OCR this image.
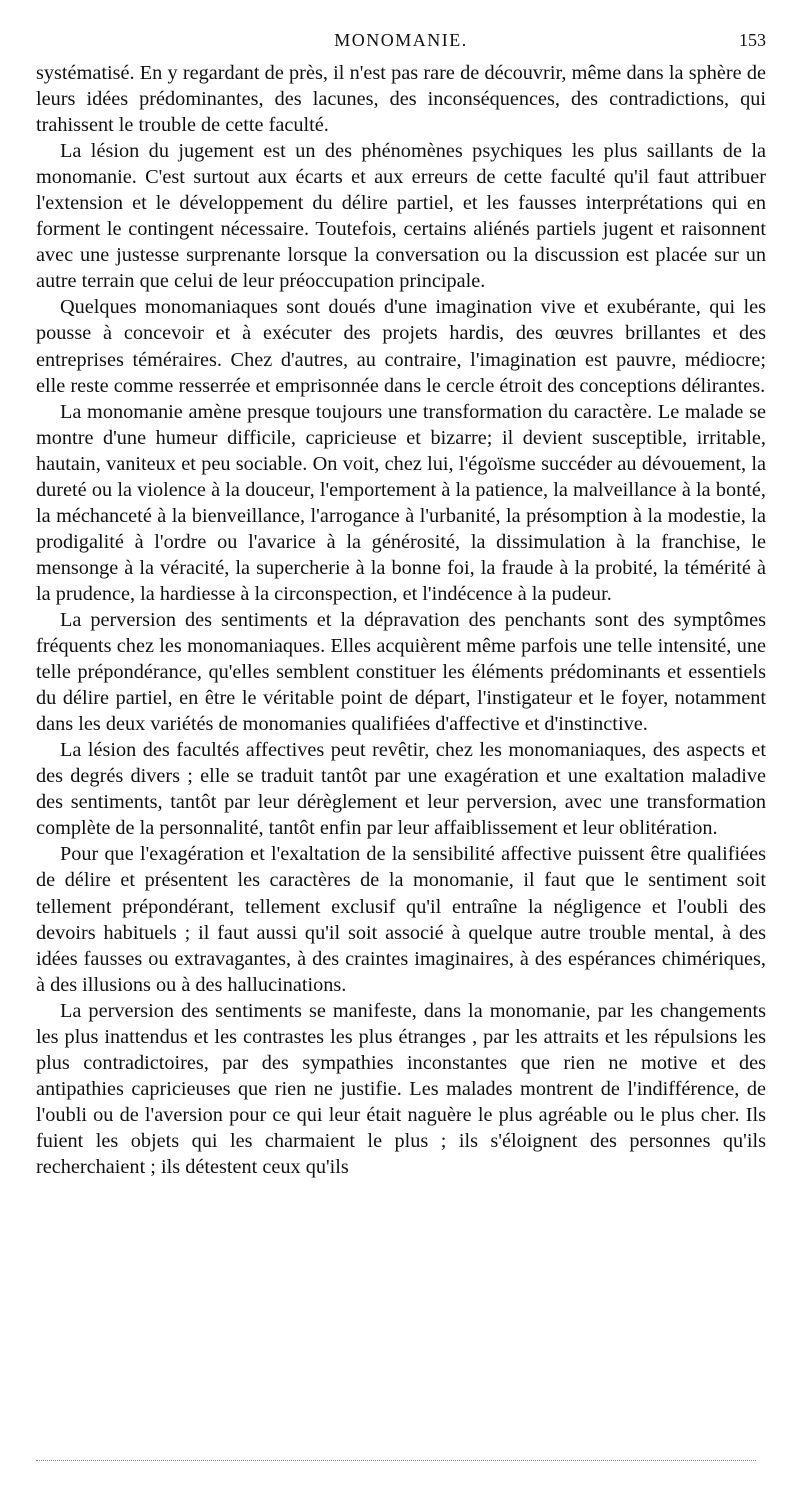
MONOMANIE.	153

systématisé. En y regardant de près, il n'est pas rare de découvrir, même dans la sphère de leurs idées prédominantes, des lacunes, des inconséquences, des contradictions, qui trahissent le trouble de cette faculté.

La lésion du jugement est un des phénomènes psychiques les plus saillants de la monomanie. C'est surtout aux écarts et aux erreurs de cette faculté qu'il faut attribuer l'extension et le développement du délire partiel, et les fausses interprétations qui en forment le contingent nécessaire. Toutefois, certains aliénés partiels jugent et raisonnent avec une justesse surprenante lorsque la conversation ou la discussion est placée sur un autre terrain que celui de leur préoccupation principale.

Quelques monomaniaques sont doués d'une imagination vive et exubérante, qui les pousse à concevoir et à exécuter des projets hardis, des œuvres brillantes et des entreprises téméraires. Chez d'autres, au contraire, l'imagination est pauvre, médiocre; elle reste comme resserrée et emprisonnée dans le cercle étroit des conceptions délirantes.

La monomanie amène presque toujours une transformation du caractère. Le malade se montre d'une humeur difficile, capricieuse et bizarre; il devient susceptible, irritable, hautain, vaniteux et peu sociable. On voit, chez lui, l'égoïsme succéder au dévouement, la dureté ou la violence à la douceur, l'emportement à la patience, la malveillance à la bonté, la méchanceté à la bienveillance, l'arrogance à l'urbanité, la présomption à la modestie, la prodigalité à l'ordre ou l'avarice à la générosité, la dissimulation à la franchise, le mensonge à la véracité, la supercherie à la bonne foi, la fraude à la probité, la témérité à la prudence, la hardiesse à la circonspection, et l'indécence à la pudeur.

La perversion des sentiments et la dépravation des penchants sont des symptômes fréquents chez les monomaniaques. Elles acquièrent même parfois une telle intensité, une telle prépondérance, qu'elles semblent constituer les éléments prédominants et essentiels du délire partiel, en être le véritable point de départ, l'instigateur et le foyer, notamment dans les deux variétés de monomanies qualifiées d'affective et d'instinctive.

La lésion des facultés affectives peut revêtir, chez les monomaniaques, des aspects et des degrés divers ; elle se traduit tantôt par une exagération et une exaltation maladive des sentiments, tantôt par leur dérèglement et leur perversion, avec une transformation complète de la personnalité, tantôt enfin par leur affaiblissement et leur oblitération.

Pour que l'exagération et l'exaltation de la sensibilité affective puissent être qualifiées de délire et présentent les caractères de la monomanie, il faut que le sentiment soit tellement prépondérant, tellement exclusif qu'il entraîne la négligence et l'oubli des devoirs habituels ; il faut aussi qu'il soit associé à quelque autre trouble mental, à des idées fausses ou extravagantes, à des craintes imaginaires, à des espérances chimériques, à des illusions ou à des hallucinations.

La perversion des sentiments se manifeste, dans la monomanie, par les changements les plus inattendus et les contrastes les plus étranges , par les attraits et les répulsions les plus contradictoires, par des sympathies inconstantes que rien ne motive et des antipathies capricieuses que rien ne justifie. Les malades montrent de l'indifférence, de l'oubli ou de l'aversion pour ce qui leur était naguère le plus agréable ou le plus cher. Ils fuient les objets qui les charmaient le plus ; ils s'éloignent des personnes qu'ils recherchaient ; ils détestent ceux qu'ils
